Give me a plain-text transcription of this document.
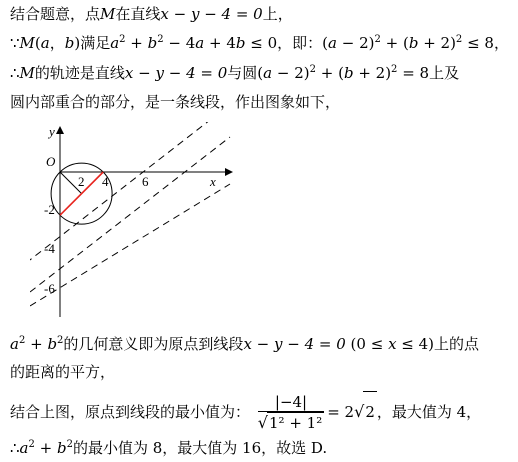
结合题意，点M在直线x − y − 4 = 0上，
∵M(a，b)满足$a^2 + b^2 - 4a + 4b \le 0$，即：$(a - 2)^2 + (b + 2)^2 \le 8$，
∴M的轨迹是直线x − y − 4 = 0与圆$(a - 2)^2 + (b + 2)^2 = 8$上及
圆内部重合的部分，是一条线段，作出图象如下，
O
y
x
2 4	6
-2
-4
-6
$a^2 + b^2$的几何意义即为原点到线段x − y − 4 = 0 (0 ≤ x ≤ 4)上的点
的距离的平方，
结合上图，原点到线段的最小值为： $\frac{|-4|}{\text{√1² + 1²}} = 2√2$ ，最大值为 4，
$\therefore a^2 + b^2$的最小值为 8，最大值为 16，故选 D.
